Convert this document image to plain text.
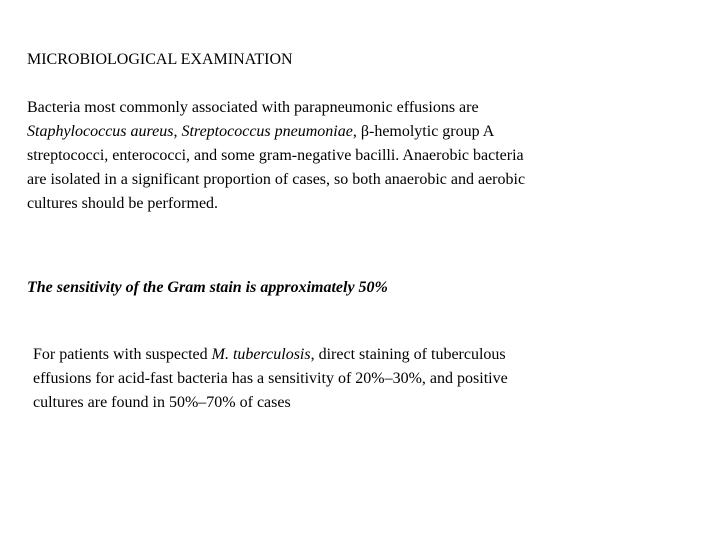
MICROBIOLOGICAL EXAMINATION
Bacteria most commonly associated with parapneumonic effusions are
Staphylococcus aureus, Streptococcus pneumoniae, β-hemolytic group A
streptococci, enterococci, and some gram-negative bacilli. Anaerobic bacteria
are isolated in a significant proportion of cases, so both anaerobic and aerobic
cultures should be performed.
The sensitivity of the Gram stain is approximately 50%
For patients with suspected M. tuberculosis, direct staining of tuberculous
effusions for acid-fast bacteria has a sensitivity of 20%–30%, and positive
cultures are found in 50%–70% of cases
